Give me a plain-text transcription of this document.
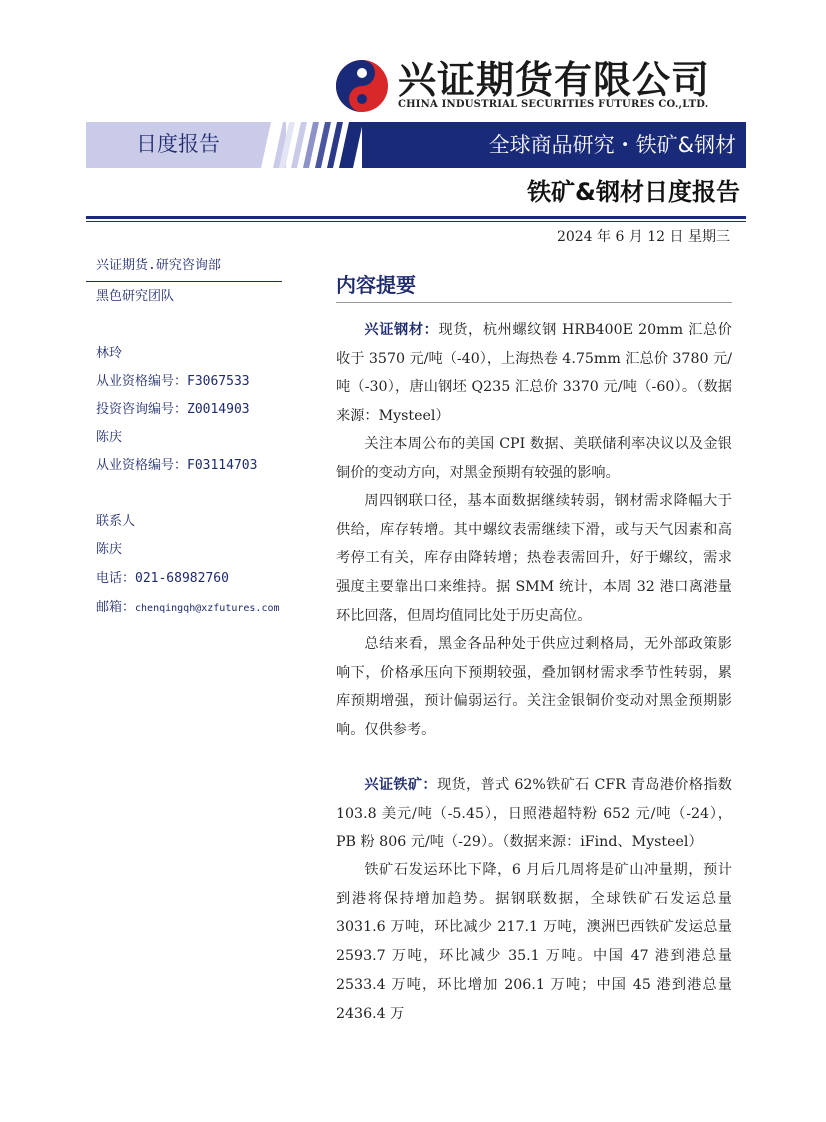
兴证期货有限公司
CHINA INDUSTRIAL SECURITIES FUTURES CO.,LTD.
日度报告	全球商品研究・铁矿&钢材
铁矿&钢材日度报告
2024 年 6 月 12 日 星期三
兴证期货.研究咨询部
黑色研究团队
林玲
从业资格编号：F3067533
投资咨询编号：Z0014903
陈庆
从业资格编号：F03114703
联系人
陈庆
电话：021-68982760
邮箱：chenqingqh@xzfutures.com
内容提要

兴证钢材：现货，杭州螺纹钢 HRB400E 20mm 汇总价收于 3570 元/吨（-40），上海热卷 4.75mm 汇总价 3780 元/吨（-30），唐山钢坯 Q235 汇总价 3370 元/吨（-60）。（数据来源：Mysteel）

关注本周公布的美国 CPI 数据、美联储利率决议以及金银铜价的变动方向，对黑金预期有较强的影响。

周四钢联口径，基本面数据继续转弱，钢材需求降幅大于供给，库存转增。其中螺纹表需继续下滑，或与天气因素和高考停工有关，库存由降转增；热卷表需回升，好于螺纹，需求强度主要靠出口来维持。据 SMM 统计，本周 32 港口离港量环比回落，但周均值同比处于历史高位。

总结来看，黑金各品种处于供应过剩格局，无外部政策影响下，价格承压向下预期较强，叠加钢材需求季节性转弱，累库预期增强，预计偏弱运行。关注金银铜价变动对黑金预期影响。仅供参考。

兴证铁矿：现货，普式 62%铁矿石 CFR 青岛港价格指数 103.8 美元/吨（-5.45），日照港超特粉 652 元/吨（-24），PB 粉 806 元/吨（-29）。（数据来源：iFind、Mysteel）

铁矿石发运环比下降，6 月后几周将是矿山冲量期，预计到港将保持增加趋势。据钢联数据，全球铁矿石发运总量 3031.6 万吨，环比减少 217.1 万吨，澳洲巴西铁矿发运总量 2593.7 万吨，环比减少 35.1 万吨。中国 47 港到港总量 2533.4 万吨，环比增加 206.1 万吨；中国 45 港到港总量 2436.4 万
